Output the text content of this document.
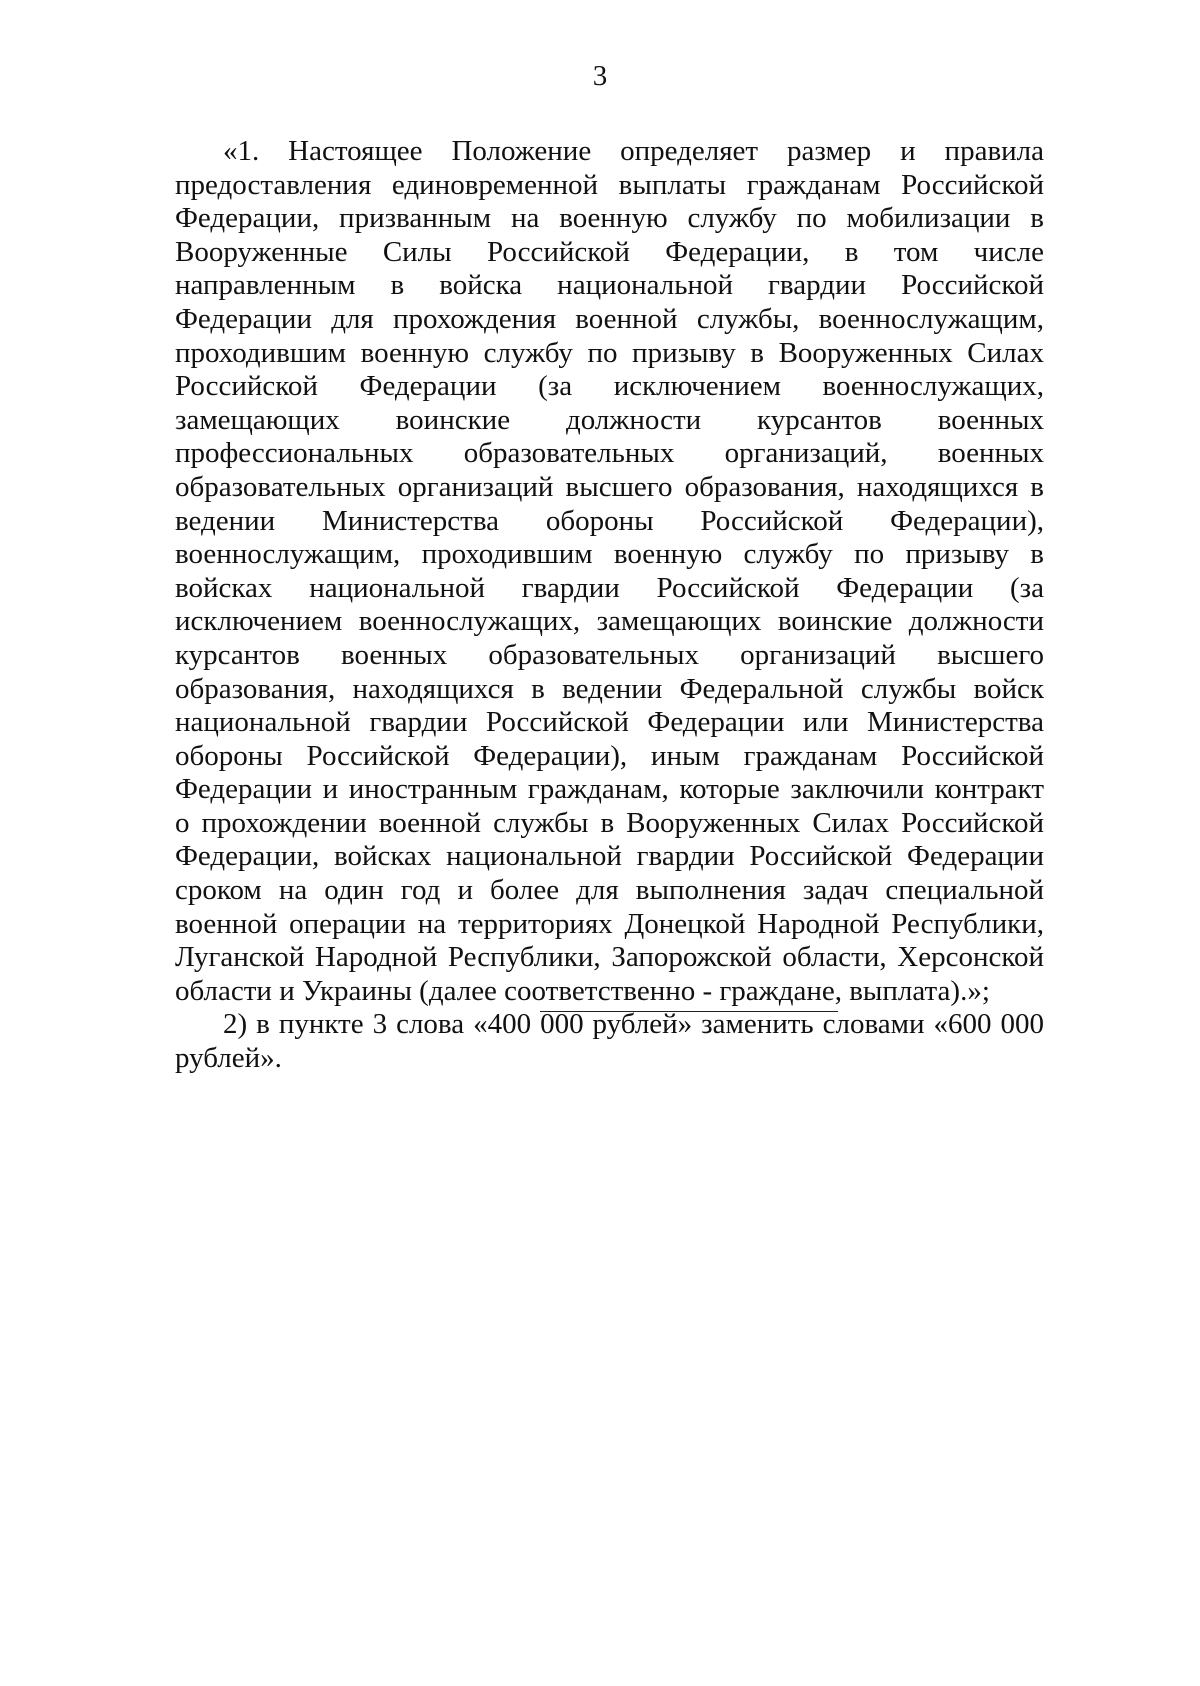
3

«1. Настоящее Положение определяет размер и правила предоставления единовременной выплаты гражданам Российской Федерации, призванным на военную службу по мобилизации в Вооруженные Силы Российской Федерации, в том числе направленным в войска национальной гвардии Российской Федерации для прохождения военной службы, военнослужащим, проходившим военную службу по призыву в Вооруженных Силах Российской Федерации (за исключением военнослужащих, замещающих воинские должности курсантов военных профессиональных образовательных организаций, военных образовательных организаций высшего образования, находящихся в ведении Министерства обороны Российской Федерации), военнослужащим, проходившим военную службу по призыву в войсках национальной гвардии Российской Федерации (за исключением военнослужащих, замещающих воинские должности курсантов военных образовательных организаций высшего образования, находящихся в ведении Федеральной службы войск национальной гвардии Российской Федерации или Министерства обороны Российской Федерации), иным гражданам Российской Федерации и иностранным гражданам, которые заключили контракт о прохождении военной службы в Вооруженных Силах Российской Федерации, войсках национальной гвардии Российской Федерации сроком на один год и более для выполнения задач специальной военной операции на территориях Донецкой Народной Республики, Луганской Народной Республики, Запорожской области, Херсонской области и Украины (далее соответственно - граждане, выплата).»;

2) в пункте 3 слова «400 000 рублей» заменить словами «600 000 рублей».
